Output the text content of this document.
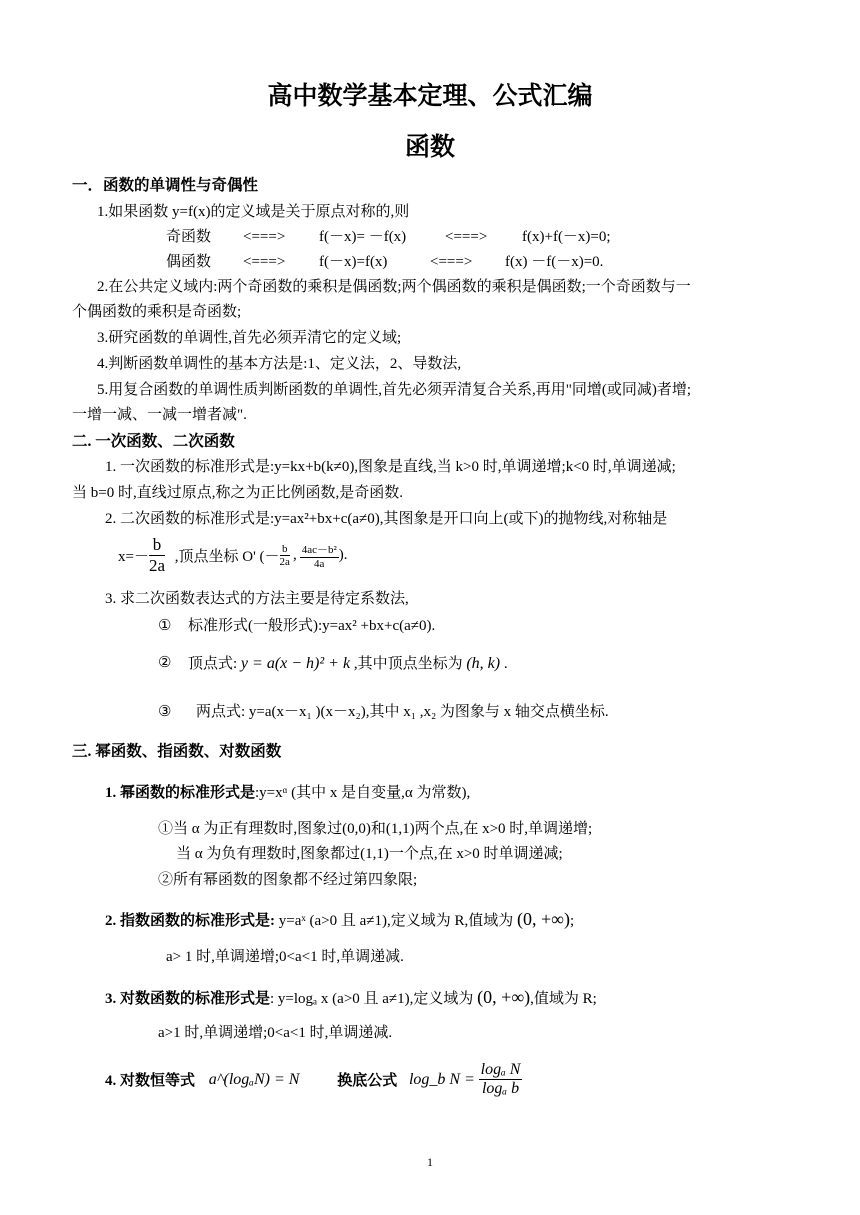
高中数学基本定理、公式汇编
函数
一．函数的单调性与奇偶性
1.如果函数 y=f(x)的定义域是关于原点对称的,则
奇函数 <===> f(－x)= －f(x)	<===> f(x)+f(－x)=0;
偶函数 <===> f(－x)=f(x)	<===> f(x) －f(－x)=0.
2.在公共定义域内:两个奇函数的乘积是偶函数;两个偶函数的乘积是偶函数;一个奇函数与一
个偶函数的乘积是奇函数;
3.研究函数的单调性,首先必须弄清它的定义域;
4.判断函数单调性的基本方法是:1、定义法，2、导数法,
5.用复合函数的单调性质判断函数的单调性,首先必须弄清复合关系,再用"同增(或同减)者增;
一增一减、一减一增者减".
二. 一次函数、二次函数
1. 一次函数的标准形式是:y=kx+b(k≠0),图象是直线,当 k>0 时,单调递增;k<0 时,单调递减;
当 b=0 时,直线过原点,称之为正比例函数,是奇函数.
2. 二次函数的标准形式是:y=ax²+bx+c(a≠0),其图象是开口向上(或下)的抛物线,对称轴是
$x=- \frac{b}{2a}$ ,顶点坐标 O' (－ $\frac{b}{2a}$ , $\frac{\text{4ac－b²}}{4a}$ ).
3. 求二次函数表达式的方法主要是待定系数法,
① 标准形式(一般形式):y=ax² +bx+c(a≠0).
② 顶点式: y = a(x − h)² + k ,其中顶点坐标为 (h, k) .
③ 两点式: y=a(x－x₁ )(x－x₂),其中 x₁ ,x₂ 为图象与 x 轴交点横坐标.
三. 幂函数、指函数、对数函数
1. 幂函数的标准形式是:y=xᵅ (其中 x 是自变量,α 为常数),
①当 α 为正有理数时,图象过(0,0)和(1,1)两个点,在 x>0 时,单调递增;
当 α 为负有理数时,图象都过(1,1)一个点,在 x>0 时单调递减;
②所有幂函数的图象都不经过第四象限;
2. 指数函数的标准形式是: y=aˣ (a>0 且 a≠1),定义域为 R,值域为 (0, +∞);
a> 1 时,单调递增;0<a<1 时,单调递减.
3. 对数函数的标准形式是: y=logₐ x (a>0 且 a≠1),定义域为 (0, +∞),值域为 R;
a>1 时,单调递增;0<a<1 时,单调递减.
4. 对数恒等式 a^(logₐN) = N	换底公式 log_b $N = \frac{\text{logₐ N}}{\text{logₐ b}}$
1
